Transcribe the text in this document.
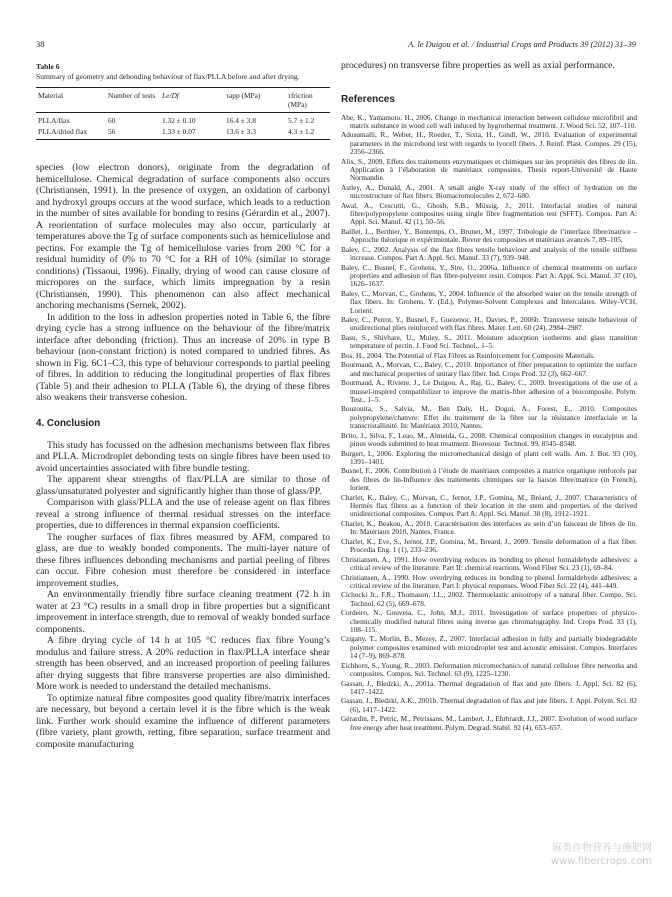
38	A. le Duigou et al. / Industrial Crops and Products 39 (2012) 31–39
Table 6
Summary of geometry and debonding behaviour of flax/PLLA before and after drying.
Material	Number of tests	Le/Df	τapp (MPa)	τfriction (MPa)
PLLA/flax	60	1.32 ± 0.10	16.4 ± 3.8	5.7 ± 1.2
PLLA/dried flax	56	1.33 ± 0.07	13.6 ± 3.3	4.3 ± 1.2

species (low electron donors), originate from the degradation of hemicellulose. Chemical degradation of surface components also occurs (Christiansen, 1991). In the presence of oxygen, an oxidation of carbonyl and hydroxyl groups occurs at the wood surface, which leads to a reduction in the number of sites available for bonding to resins (Gérardin et al., 2007). A reorientation of surface molecules may also occur, particularly at temperatures above the Tg of surface components such as hemicellulose and pectins. For example the Tg of hemicellulose varies from 200 °C for a residual humidity of 0% to 70 °C for a RH of 10% (similar to storage conditions) (Tissaoui, 1996). Finally, drying of wood can cause closure of micropores on the surface, which limits impregnation by a resin (Christiansen, 1990). This phenomenon can also affect mechanical anchoring mechanisms (Sernek, 2002).

In addition to the loss in adhesion properties noted in Table 6, the fibre drying cycle has a strong influence on the behaviour of the fibre/matrix interface after debonding (friction). Thus an increase of 20% in type B behaviour (non-constant friction) is noted compared to undried fibres. As shown in Fig. 6C1–C3, this type of behaviour corresponds to partial peeling of fibres. In addition to reducing the longitudinal properties of flax fibres (Table 5) and their adhesion to PLLA (Table 6), the drying of these fibres also weakens their transverse cohesion.

4. Conclusion

This study has focussed on the adhesion mechanisms between flax fibres and PLLA. Microdroplet debonding tests on single fibres have been used to avoid uncertainties associated with fibre bundle testing.

The apparent shear strengths of flax/PLLA are similar to those of glass/unsaturated polyester and significantly higher than those of glass/PP.

Comparison with glass/PLLA and the use of release agent on flax fibres reveal a strong influence of thermal residual stresses on the interface properties, due to differences in thermal expansion coefficients.

The rougher surfaces of flax fibres measured by AFM, compared to glass, are due to weakly bonded components. The multi-layer nature of these fibres influences debonding mechanisms and partial peeling of fibres can occur. Fibre cohesion must therefore be considered in interface improvement studies.

An environmentally friendly fibre surface cleaning treatment (72 h in water at 23 °C) results in a small drop in fibre properties but a significant improvement in interface strength, due to removal of weakly bonded surface components.

A fibre drying cycle of 14 h at 105 °C reduces flax fibre Young’s modulus and failure stress. A 20% reduction in flax/PLLA interface shear strength has been observed, and an increased proportion of peeling failures after drying suggests that fibre transverse properties are also diminished. More work is needed to understand the detailed mechanisms.

To optimize natural fibre composites good quality fibre/matrix interfaces are necessary, but beyond a certain level it is the fibre which is the weak link. Further work should examine the influence of different parameters (fibre variety, plant growth, retting, fibre separation, surface treatment and composite manufacturing

procedures) on transverse fibre properties as well as axial performance.

References

Abe, K., Yamamoto, H., 2006. Change in mechanical interaction between cellulose microfibril and matrix substance in wood cell wall induced by hygrothermal treatment. J. Wood Sci. 52, 107–110.

Adusumalli, R., Weber, H., Roeder, T., Sixta, H., Gindl, W., 2010. Evaluation of experimental parameters in the microbond test with regards to lyocell fibers. J. Reinf. Plast. Compos. 29 (15), 2356–2366.

Alix, S., 2009. Effets des traitements enzymatiques et chimiques sur les propriétés des fibres de lin. Application à l’élaboration de matériaux composites, Thesis report-Université de Haute Normandie.

Astley, A., Donald, A., 2001. A small angle X-ray study of the effect of hydration on the microstructure of flax fibers. Biomacromolecules 2, 672–680.

Awal, A., Cescutti, G., Ghosh, S.B., Müssig, J., 2011. Interfacial studies of natural fibre/polypropylene composites using single fibre fragmentation test (SFFT). Compos. Part A: Appl. Sci. Manuf. 42 (1), 50–56.

Baillet, L., Berthier, Y., Bontemps, O., Brunet, M., 1997. Tribologie de l’interface fibre/matrice – Approche théorique et expérimentale. Revue des composites et matériaux avancés 7, 89–105.

Baley, C., 2002. Analysis of the flax fibres tensile behaviour and analysis of the tensile stiffness increase. Compos. Part A: Appl. Sci. Manuf. 33 (7), 939–948.

Baley, C., Busnel, F., Grohens, Y., Sire, O., 2006a. Influence of chemical treatments on surface properties and adhesion of flax fibre-polyester resin. Compos. Part A: Appl. Sci. Manuf. 37 (10), 1626–1637.

Baley, C., Morvan, C., Grohens, Y., 2004. Influence of the absorbed water on the tensile strength of flax fibers. In: Grohens, Y. (Ed.), Polymer-Solvent Complexes and Intercalates. Wiley-VCH, Lorient.

Baley, C., Perrot, Y., Busnel, F., Guezenoc, H., Davies, P., 2006b. Transverse tensile behaviour of unidirectional plies reinforced with flax fibres. Mater. Lett. 60 (24), 2984–2987.

Basu, S., Shivhare, U., Muley, S., 2011. Moisture adsorption isotherms and glass transition temperature of pectin. J. Food Sci. Technol., 1–5.

Bos, H., 2004. The Potential of Flax Fibres as Reinforcement for Composite Materials.

Bourmaud, A., Morvan, C., Baley, C., 2010. Importance of fiber preparation to optimize the surface and mechanical properties of unitary flax fiber. Ind. Crops Prod. 32 (3), 662–667.

Bourmaud, A., Riviere, J., Le Duigou, A., Raj, G., Baley, C., 2009. Investigations of the use of a mussel-inspired compatibilizer to improve the matrix-fiber adhesion of a biocomposite. Polym. Test., 1–5.

Bouzouita, S., Salvia, M., Ben Daly, H., Dogui, A., Forest, E., 2010. Composites polypropylene/chanvre: Effet du traitement de la fibre sur la résistance interfaciale et la transcristallinité. In: Matériaux 2010, Nantes.

Brito, J., Silva, F., Leao, M., Almeida, G., 2008. Chemical composition changes in eucalyptus and pinus woods submitted to heat treatment. Bioresour. Technol. 99, 8545–8548.

Burgert, I., 2006. Exploring the micromechanical design of plant cell walls. Am. J. Bot. 93 (10), 1391–1401.

Busnel, F., 2006. Contribution à l’étude de matériaux composites à matrice organique renforcés par des fibres de lin-Influence des traitements chimiques sur la liaison fibre/matrice (in French), lorient.

Charlet, K., Baley, C., Morvan, C., Jernot, J.P., Gomina, M., Bréard, J., 2007. Characteristics of Hermès flax fibres as a function of their location in the stem and properties of the derived unidirectional composites. Compos. Part A: Appl. Sci. Manuf. 38 (8), 1912–1921.

Charlet, K., Beakou, A., 2010. Caractérisation des interfaces au sein d’un faisceau de fibres de lin. In: Matériaux 2010, Nantes, France.

Charlet, K., Eve, S., Jernot, J.P., Gomina, M., Breard, J., 2009. Tensile deformation of a flax fiber. Procedia Eng. 1 (1), 233–236.

Christiansen, A., 1991. How overdrying reduces its bonding to phenol formaldehyde adhesives: a critical review of the literature. Part II: chemical reactions. Wood Fiber Sci. 23 (1), 69–84.

Christiansen, A., 1990. How overdrying reduces its bonding to phenol formaldehyde adhesives: a critical review of the literature. Part I: physical responses. Wood Fiber Sci. 22 (4), 441–449.

Cichocki Jr., F.R., Thomason, J.L., 2002. Thermoelastic anisotropy of a natural fiber. Compo. Sci. Technol. 62 (5), 669–678.

Cordeiro, N., Gouveia, C., John, M.J., 2011. Investigation of surface properties of physico-chemically modified natural fibres using inverse gas chromatography. Ind. Crops Prod. 33 (1), 108–115.

Czigany, T., Morlin, B., Mezey, Z., 2007. Interfacial adhesion in fully and partially biodegradable polymer composites examined with microdroplet test and acoustic emission. Compos. Interfaces 14 (7–9), 869–878.

Eichhorn, S., Young, R., 2003. Deformation micromechanics of natural cellulose fibre networks and composites. Compos. Sci. Technol. 63 (9), 1225–1230.

Gassan, J., Bledzki, A., 2001a. Thermal degradation of flax and jute fibers. J. Appl. Sci. 82 (6), 1417–1422.

Gassan, J., Bledzki, A.K., 2001b. Thermal degradation of flax and jute fibers. J. Appl. Polym. Sci. 82 (6), 1417–1422.

Gérardin, P., Petric, M., Petrissans, M., Lambert, J., Ehrhrardt, J.J., 2007. Evolution of wood surface free energy after heat treatment. Polym. Degrad. Stabil. 92 (4), 653–657.

麻类作物营养与施肥网
www.fibercrops.com
